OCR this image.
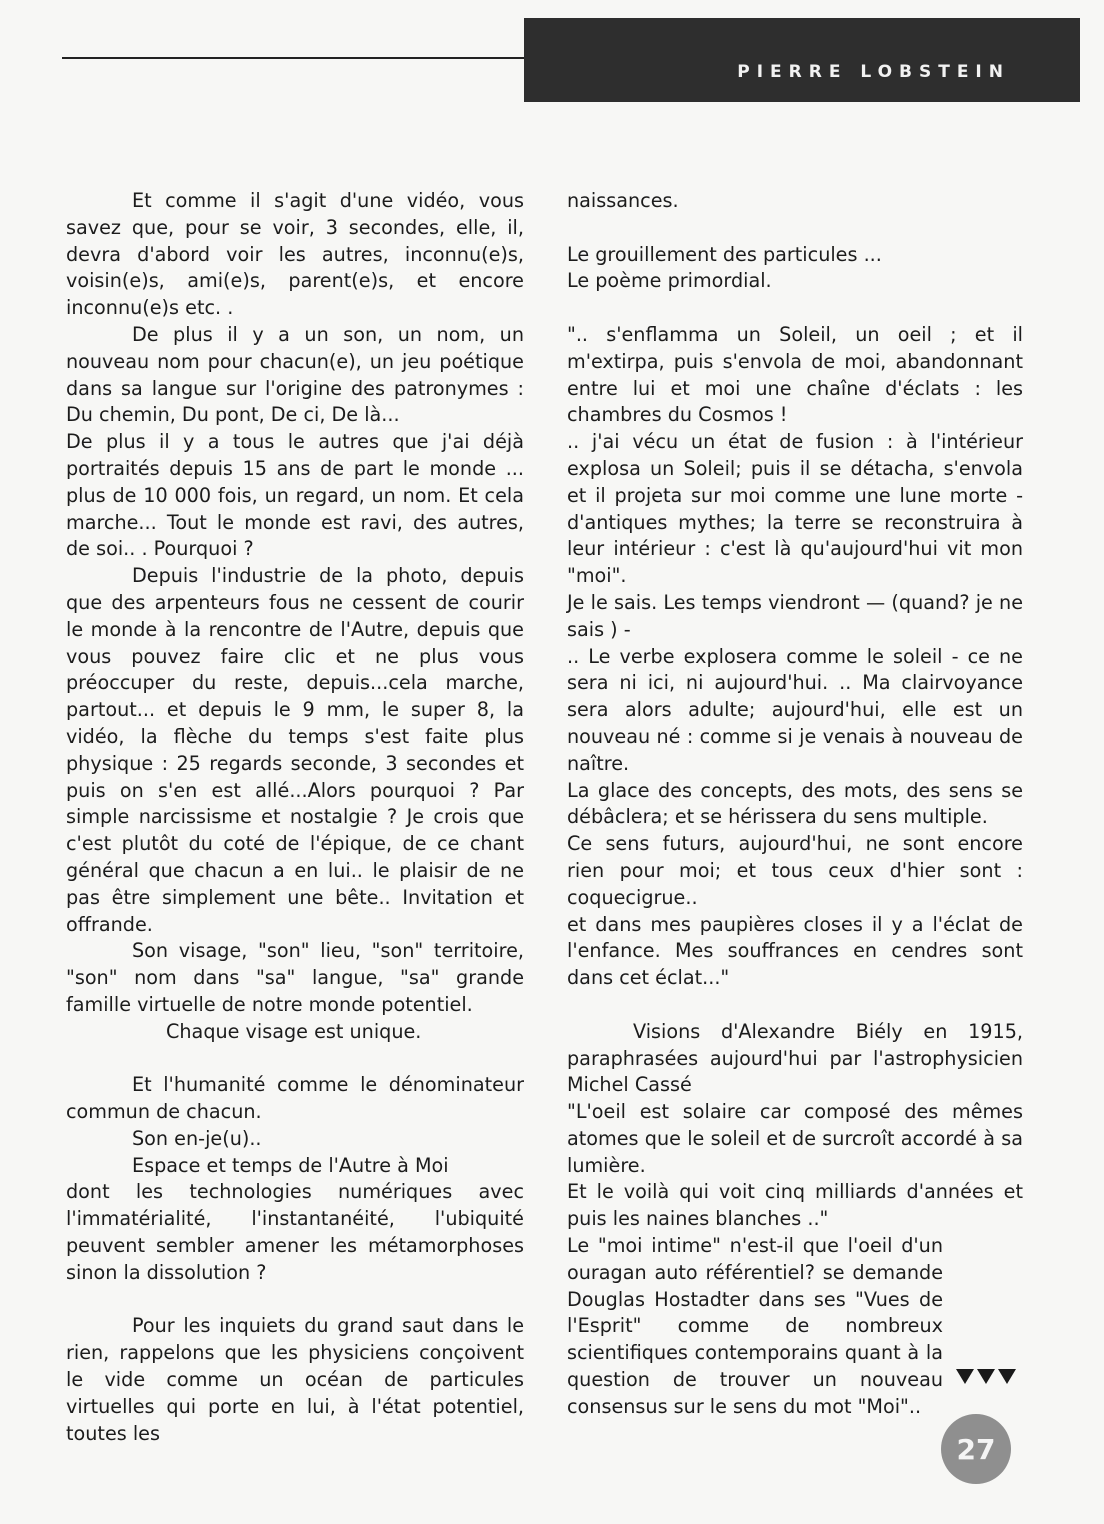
PIERRE LOBSTEIN

Et comme il s'agit d'une vidéo, vous savez que, pour se voir, 3 secondes, elle, il, devra d'abord voir les autres, inconnu(e)s, voisin(e)s, ami(e)s, parent(e)s, et encore inconnu(e)s etc. .

De plus il y a un son, un nom, un nouveau nom pour chacun(e), un jeu poétique dans sa langue sur l'origine des patronymes : Du chemin, Du pont, De ci, De là...

De plus il y a tous le autres que j'ai déjà portraités depuis 15 ans de part le monde ... plus de 10 000 fois, un regard, un nom. Et cela marche... Tout le monde est ravi, des autres, de soi.. . Pourquoi ?

Depuis l'industrie de la photo, depuis que des arpenteurs fous ne cessent de courir le monde à la rencontre de l'Autre, depuis que vous pouvez faire clic et ne plus vous préoccuper du reste, depuis...cela marche, partout... et depuis le 9 mm, le super 8, la vidéo, la flèche du temps s'est faite plus physique : 25 regards seconde, 3 secondes et puis on s'en est allé...Alors pourquoi ? Par simple narcissisme et nostalgie ? Je crois que c'est plutôt du coté de l'épique, de ce chant général que chacun a en lui.. le plaisir de ne pas être simplement une bête.. Invitation et offrande.

Son visage, "son" lieu, "son" territoire, "son" nom dans "sa" langue, "sa" grande famille virtuelle de notre monde potentiel.

Chaque visage est unique.

Et l'humanité comme le dénominateur commun de chacun.

Son en-je(u)..

Espace et temps de l'Autre à Moi

dont les technologies numériques avec l'immatérialité, l'instantanéité, l'ubiquité peuvent sembler amener les métamorphoses sinon la dissolution ?

Pour les inquiets du grand saut dans le rien, rappelons que les physiciens conçoivent le vide comme un océan de particules virtuelles qui porte en lui, à l'état potentiel, toutes les

naissances.

Le grouillement des particules ...

Le poème primordial.

".. s'enflamma un Soleil, un oeil ; et il m'extirpa, puis s'envola de moi, abandonnant entre lui et moi une chaîne d'éclats : les chambres du Cosmos !

.. j'ai vécu un état de fusion : à l'intérieur explosa un Soleil; puis il se détacha, s'envola et il projeta sur moi comme une lune morte - d'antiques mythes; la terre se reconstruira à leur intérieur : c'est là qu'aujourd'hui vit mon "moi".

Je le sais. Les temps viendront — (quand? je ne sais ) -

.. Le verbe explosera comme le soleil - ce ne sera ni ici, ni aujourd'hui. .. Ma clairvoyance sera alors adulte; aujourd'hui, elle est un nouveau né : comme si je venais à nouveau de naître.

La glace des concepts, des mots, des sens se débâclera; et se hérissera du sens multiple.

Ce sens futurs, aujourd'hui, ne sont encore rien pour moi; et tous ceux d'hier sont : coquecigrue..

et dans mes paupières closes il y a l'éclat de l'enfance. Mes souffrances en cendres sont dans cet éclat..."

Visions d'Alexandre Biély en 1915, paraphrasées aujourd'hui par l'astrophysicien Michel Cassé

"L'oeil est solaire car composé des mêmes atomes que le soleil et de surcroît accordé à sa lumière.

Et le voilà qui voit cinq milliards d'années et puis les naines blanches .."

Le "moi intime" n'est-il que l'oeil d'un ouragan auto référentiel? se demande Douglas Hostadter dans ses "Vues de l'Esprit" comme de nombreux scientifiques contemporains quant à la question de trouver un nouveau consensus sur le sens du mot "Moi"..

27
